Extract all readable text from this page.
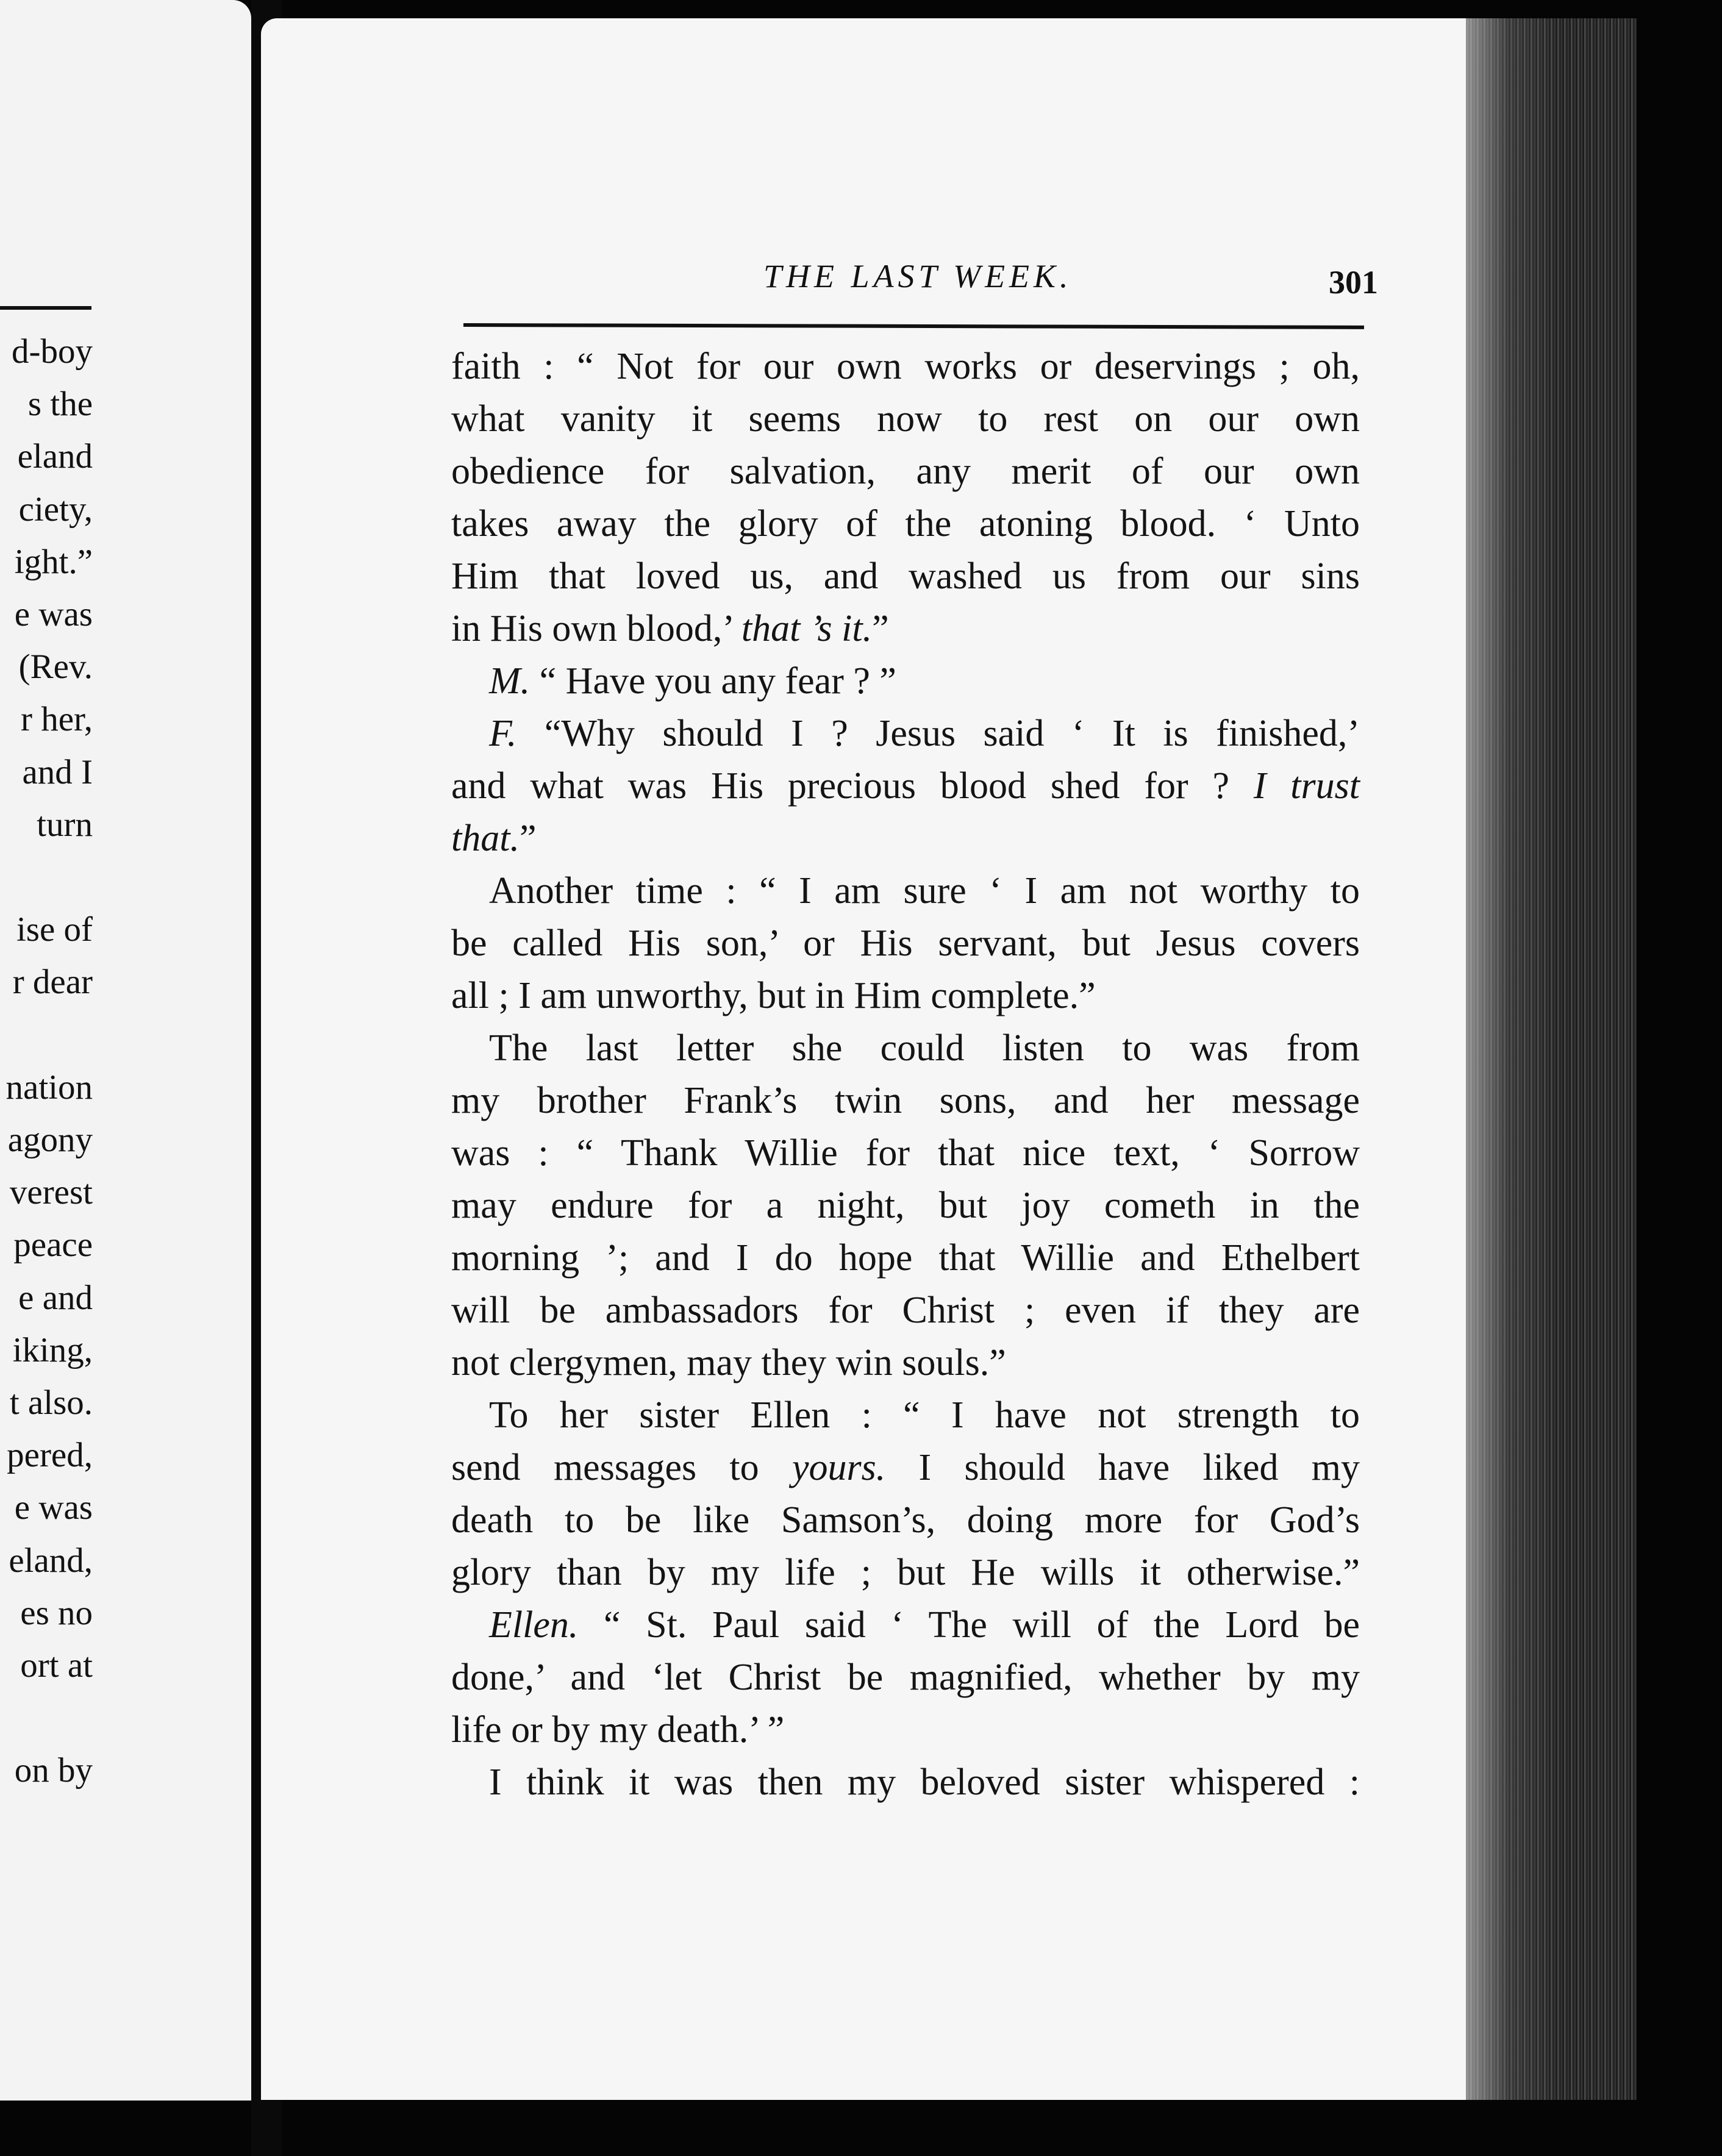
d-boy
s the
eland
ciety,
ight.”
e was
(Rev.
r her,
and I
turn
ise of
r dear
nation
agony
verest
peace
e and
iking,
t also.
pered,
e was
eland,
es no
ort at
on by
THE LAST WEEK.	301
faith : “ Not for our own works or deservings ; oh,
what vanity it seems now to rest on our own
obedience for salvation, any merit of our own
takes away the glory of the atoning blood. ‘ Unto
Him that loved us, and washed us from our sins
in His own blood,’ that ’s it.”
M. “ Have you any fear ? ”
F. “Why should I ? Jesus said ‘ It is finished,’
and what was His precious blood shed for ? I trust
that.”
Another time : “ I am sure ‘ I am not worthy to
be called His son,’ or His servant, but Jesus covers
all ; I am unworthy, but in Him complete.”
The last letter she could listen to was from
my brother Frank’s twin sons, and her message
was : “ Thank Willie for that nice text, ‘ Sorrow
may endure for a night, but joy cometh in the
morning ’; and I do hope that Willie and Ethelbert
will be ambassadors for Christ ; even if they are
not clergymen, may they win souls.”
To her sister Ellen : “ I have not strength to
send messages to yours. I should have liked my
death to be like Samson’s, doing more for God’s
glory than by my life ; but He wills it otherwise.”
Ellen. “ St. Paul said ‘ The will of the Lord be
done,’ and ‘let Christ be magnified, whether by my
life or by my death.’ ”
I think it was then my beloved sister whispered :
